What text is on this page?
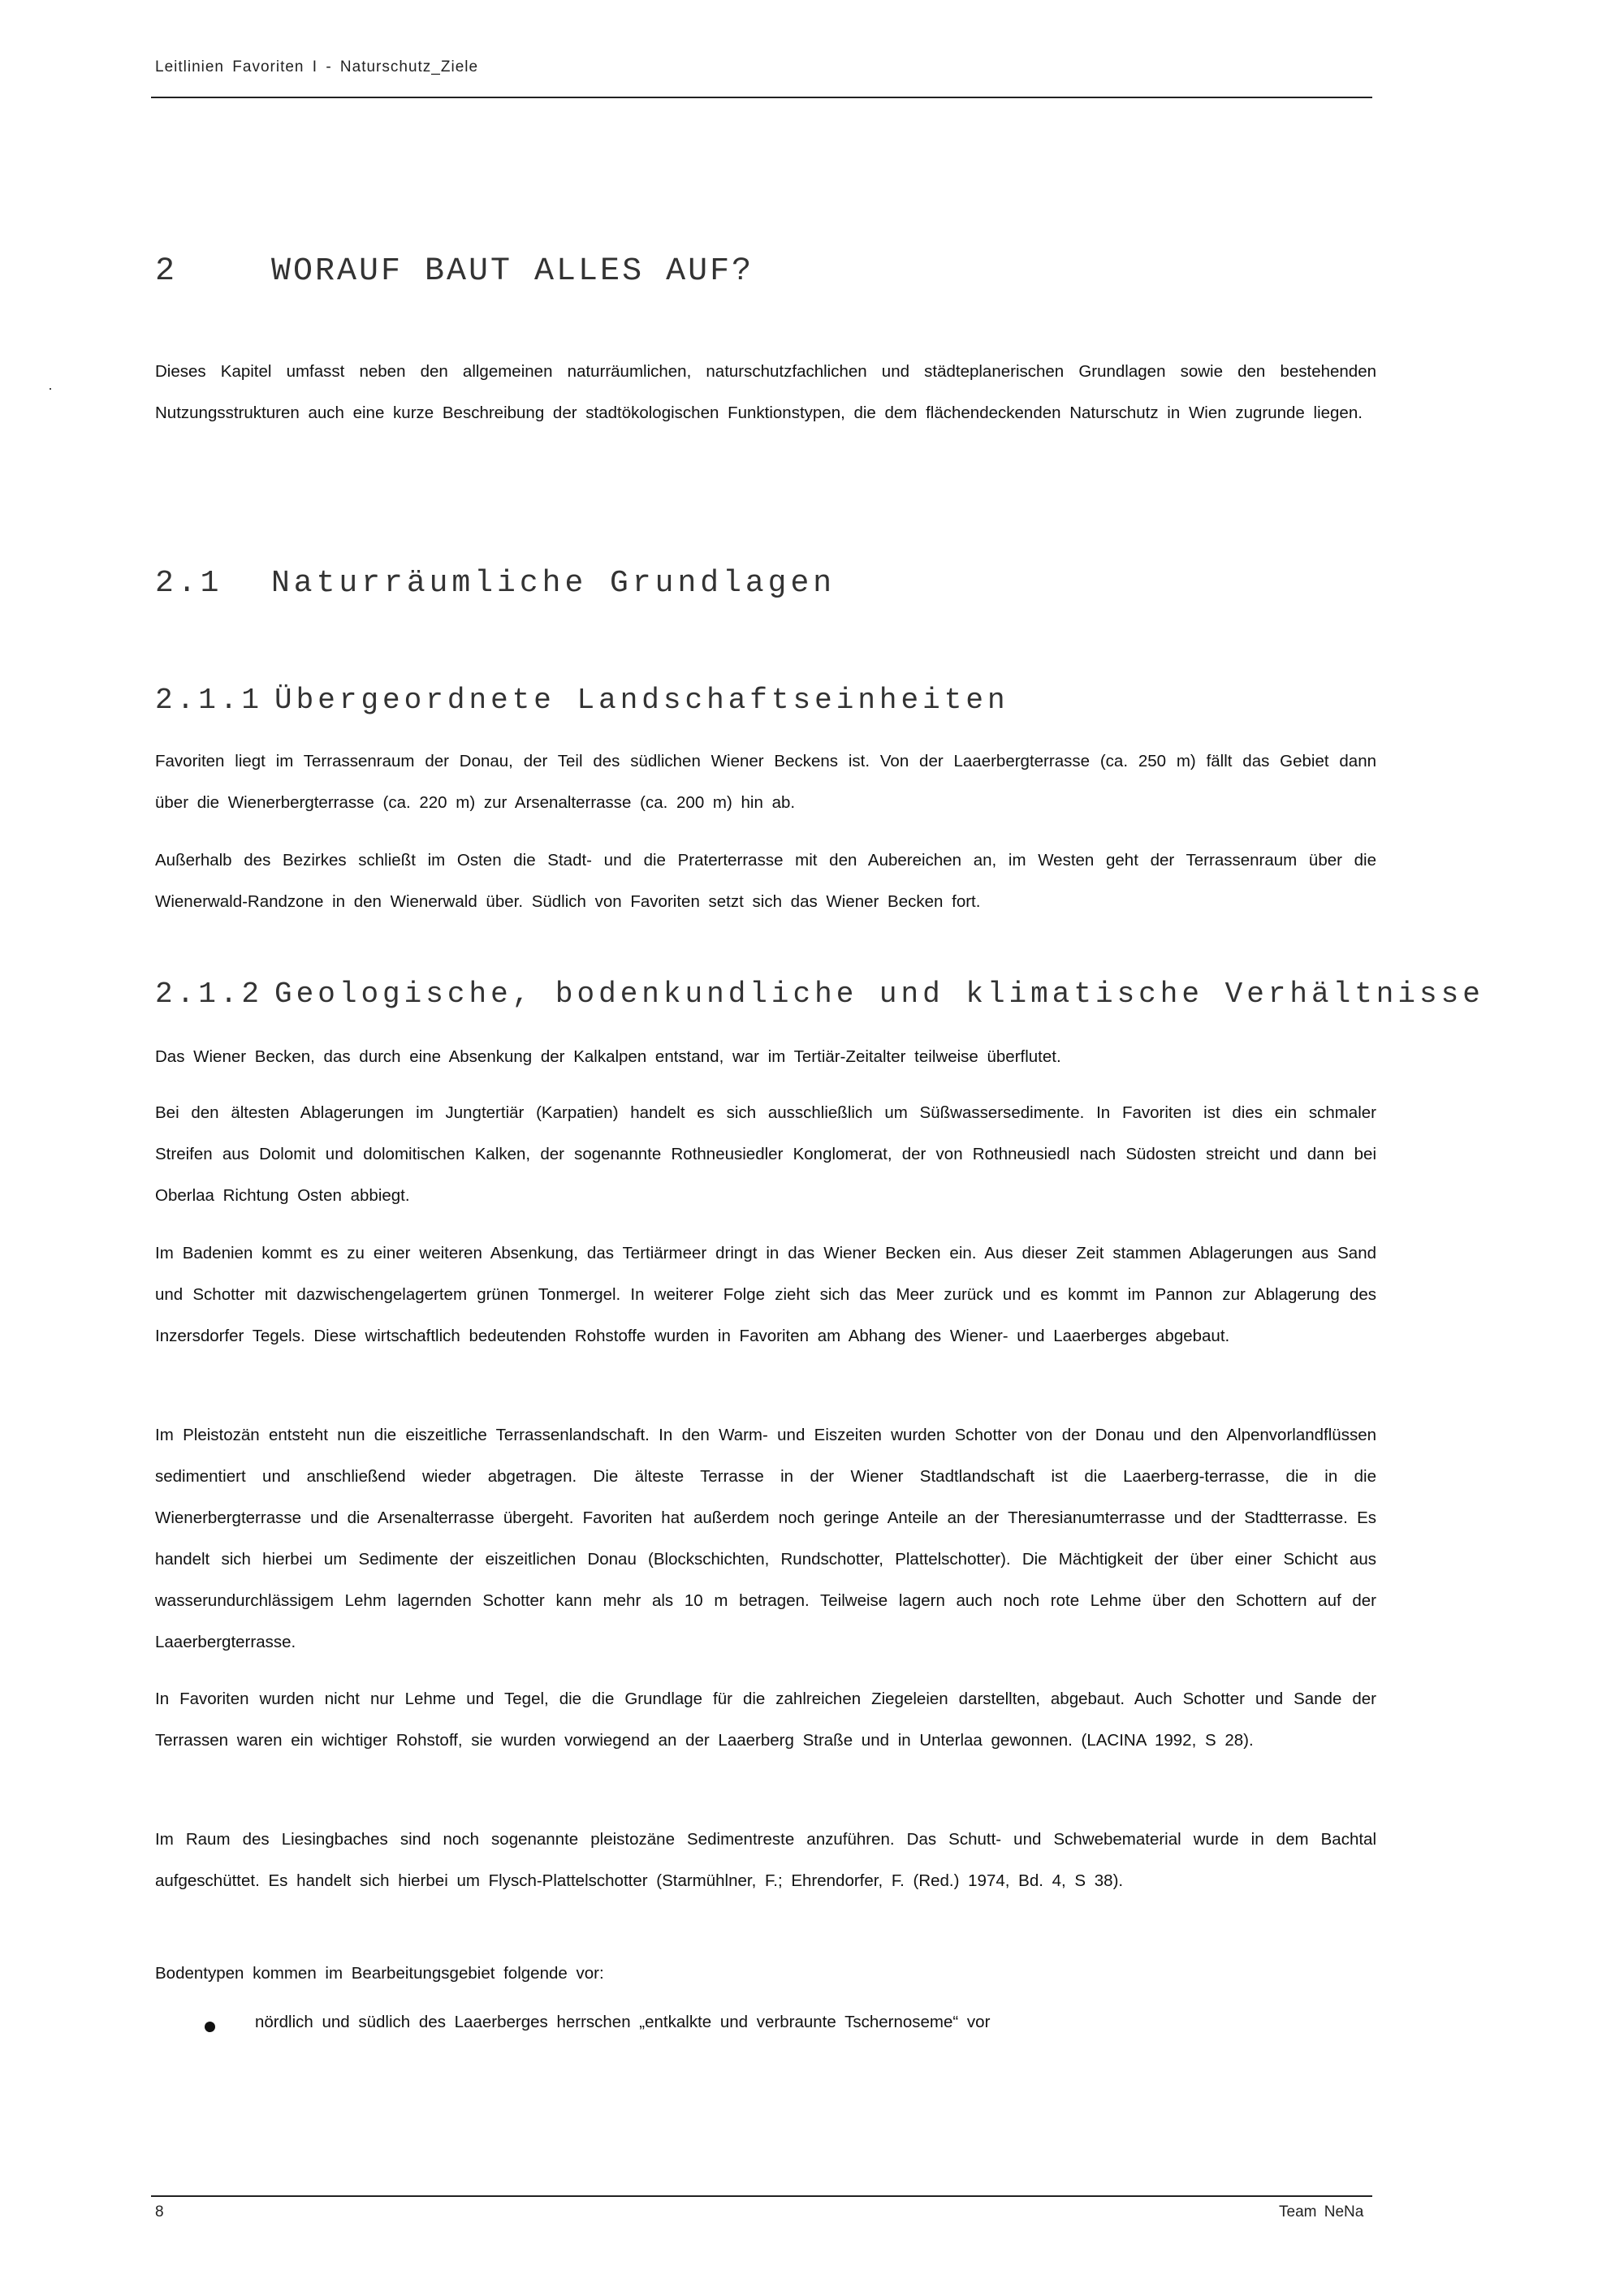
Leitlinien Favoriten I - Naturschutz_Ziele
2	WORAUF BAUT ALLES AUF?
Dieses Kapitel umfasst neben den allgemeinen naturräumlichen, naturschutzfachlichen und städteplanerischen Grundlagen sowie den bestehenden Nutzungsstrukturen auch eine kurze Beschreibung der stadtökologischen Funktionstypen, die dem flächendeckenden Naturschutz in Wien zugrunde liegen.
2.1 Naturräumliche Grundlagen
2.1.1 Übergeordnete Landschaftseinheiten
Favoriten liegt im Terrassenraum der Donau, der Teil des südlichen Wiener Beckens ist. Von der Laaerbergterrasse (ca. 250 m) fällt das Gebiet dann über die Wienerbergterrasse (ca. 220 m) zur Arsenalterrasse (ca. 200 m) hin ab.
Außerhalb des Bezirkes schließt im Osten die Stadt- und die Praterterrasse mit den Aubereichen an, im Westen geht der Terrassenraum über die Wienerwald-Randzone in den Wienerwald über. Südlich von Favoriten setzt sich das Wiener Becken fort.
2.1.2 Geologische, bodenkundliche und klimatische Verhältnisse
Das Wiener Becken, das durch eine Absenkung der Kalkalpen entstand, war im Tertiär-Zeitalter teilweise überflutet.
Bei den ältesten Ablagerungen im Jungtertiär (Karpatien) handelt es sich ausschließlich um Süßwassersedimente. In Favoriten ist dies ein schmaler Streifen aus Dolomit und dolomitischen Kalken, der sogenannte Rothneusiedler Konglomerat, der von Rothneusiedl nach Südosten streicht und dann bei Oberlaa Richtung Osten abbiegt.
Im Badenien kommt es zu einer weiteren Absenkung, das Tertiärmeer dringt in das Wiener Becken ein. Aus dieser Zeit stammen Ablagerungen aus Sand und Schotter mit dazwischengelagertem grünen Tonmergel. In weiterer Folge zieht sich das Meer zurück und es kommt im Pannon zur Ablagerung des Inzersdorfer Tegels. Diese wirtschaftlich bedeutenden Rohstoffe wurden in Favoriten am Abhang des Wiener- und Laaerberges abgebaut.
Im Pleistozän entsteht nun die eiszeitliche Terrassenlandschaft. In den Warm- und Eiszeiten wurden Schotter von der Donau und den Alpenvorlandflüssen sedimentiert und anschließend wieder abgetragen. Die älteste Terrasse in der Wiener Stadtlandschaft ist die Laaerberg-terrasse, die in die Wienerbergterrasse und die Arsenalterrasse übergeht. Favoriten hat außerdem noch geringe Anteile an der Theresianumterrasse und der Stadtterrasse. Es handelt sich hierbei um Sedimente der eiszeitlichen Donau (Blockschichten, Rundschotter, Plattelschotter). Die Mächtigkeit der über einer Schicht aus wasserundurchlässigem Lehm lagernden Schotter kann mehr als 10 m betragen. Teilweise lagern auch noch rote Lehme über den Schottern auf der Laaerbergterrasse.
In Favoriten wurden nicht nur Lehme und Tegel, die die Grundlage für die zahlreichen Ziegeleien darstellten, abgebaut. Auch Schotter und Sande der Terrassen waren ein wichtiger Rohstoff, sie wurden vorwiegend an der Laaerberg Straße und in Unterlaa gewonnen. (LACINA 1992, S 28).
Im Raum des Liesingbaches sind noch sogenannte pleistozäne Sedimentreste anzuführen. Das Schutt- und Schwebematerial wurde in dem Bachtal aufgeschüttet. Es handelt sich hierbei um Flysch-Plattelschotter (Starmühlner, F.; Ehrendorfer, F. (Red.) 1974, Bd. 4, S 38).
Bodentypen kommen im Bearbeitungsgebiet folgende vor:
nördlich und südlich des Laaerberges herrschen „entkalkte und verbraunte Tschernoseme“ vor
8	Team NeNa
